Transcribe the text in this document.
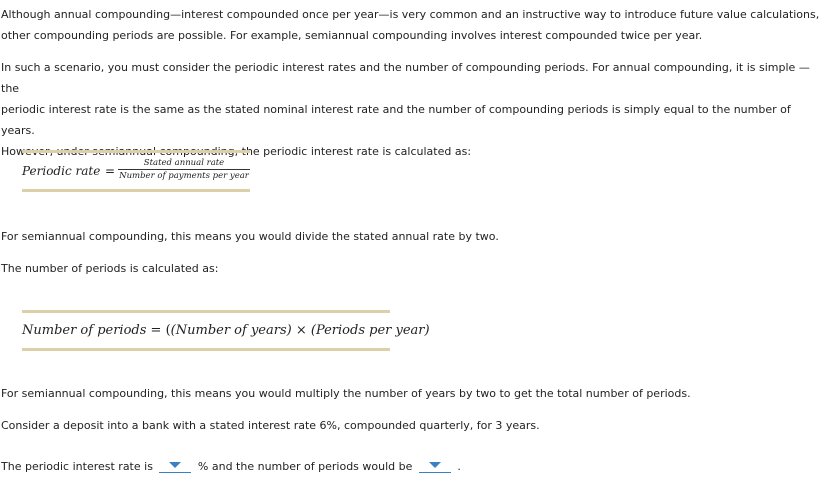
Although annual compounding—interest compounded once per year—is very common and an instructive way to introduce future value calculations,
other compounding periods are possible. For example, semiannual compounding involves interest compounded twice per year.

In such a scenario, you must consider the periodic interest rates and the number of compounding periods. For annual compounding, it is simple — the
periodic interest rate is the same as the stated nominal interest rate and the number of compounding periods is simply equal to the number of years.
However, under semiannual compounding, the periodic interest rate is calculated as:

Periodic rate =
Stated annual rate
Number of payments per year

For semiannual compounding, this means you would divide the stated annual rate by two.

The number of periods is calculated as:

Number of periods = ((Number of years) × (Periods per year)

For semiannual compounding, this means you would multiply the number of years by two to get the total number of periods.

Consider a deposit into a bank with a stated interest rate 6%, compounded quarterly, for 3 years.

The periodic interest rate is	% and the number of periods would be	.
